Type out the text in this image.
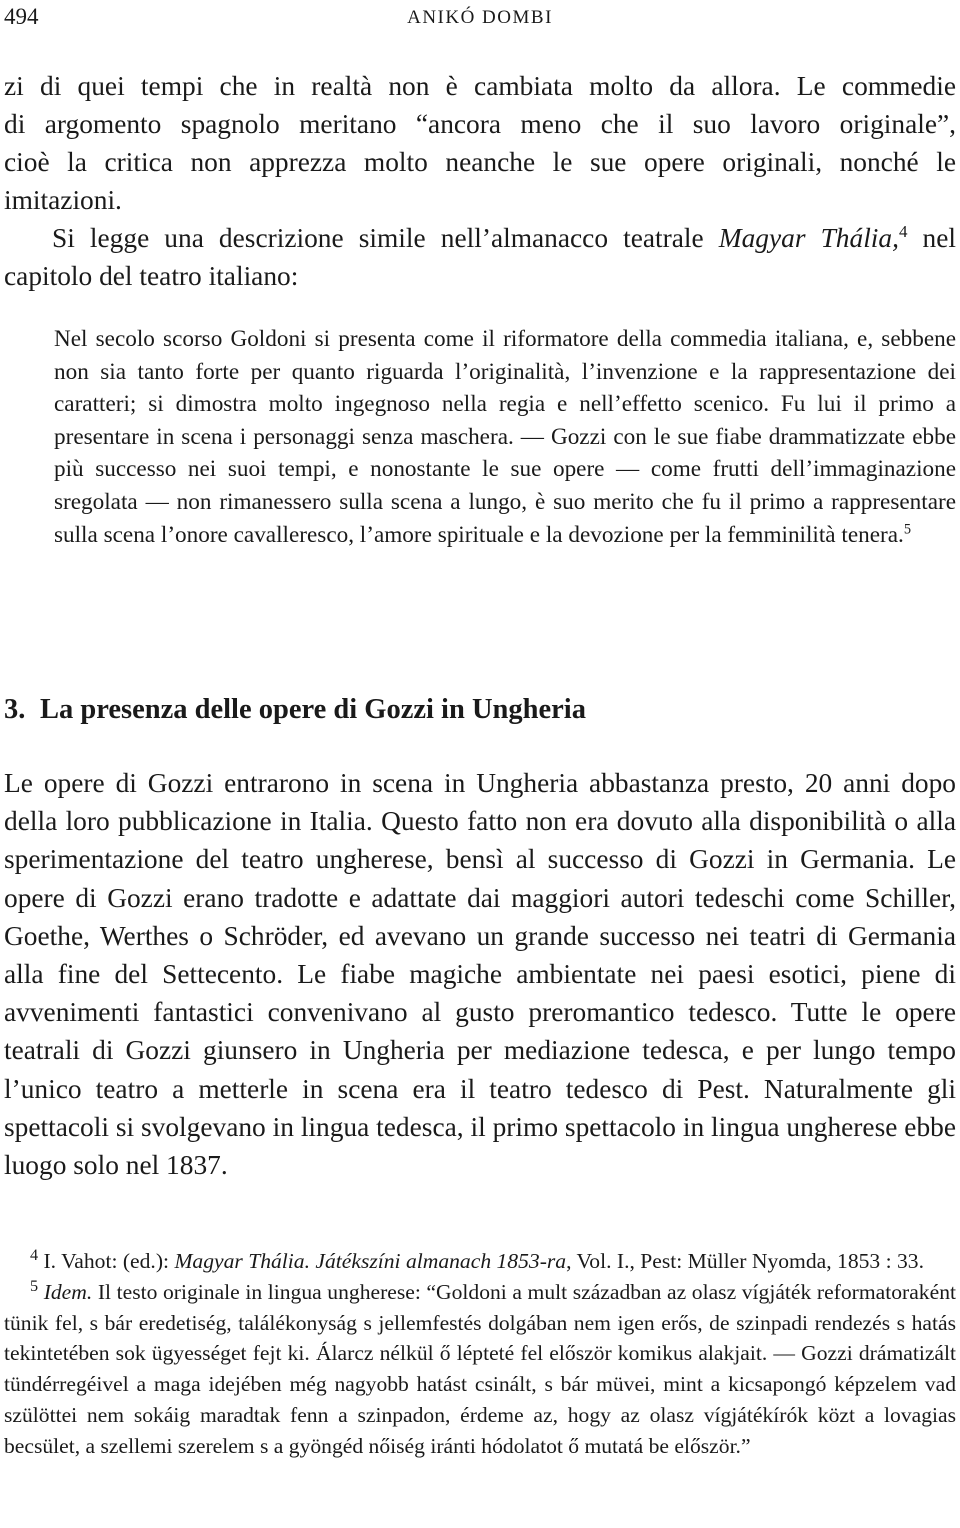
494	ANIKÓ DOMBI
zi di quei tempi che in realtà non è cambiata molto da allora. Le commedie
di argomento spagnolo meritano “ancora meno che il suo lavoro originale”,
cioè la critica non apprezza molto neanche le sue opere originali, nonché le
imitazioni.
Si legge una descrizione simile nell’almanacco teatrale Magyar Thália,$^4$ nel capitolo del teatro italiano:
Nel secolo scorso Goldoni si presenta come il riformatore della commedia italiana, e, sebbene non sia tanto forte per quanto riguarda l’originalità, l’invenzione e la rappresentazione dei caratteri; si dimostra molto ingegnoso nella regia e nell’effetto scenico. Fu lui il primo a presentare in scena i personaggi senza maschera. — Gozzi con le sue fiabe drammatizzate ebbe più successo nei suoi tempi, e nonostante le sue opere — come frutti dell’immaginazione sregolata — non rimanessero sulla scena a lungo, è suo merito che fu il primo a rappresentare sulla scena l’onore cavalleresco, l’amore spirituale e la devozione per la femminilità tenera.$^5$
3. La presenza delle opere di Gozzi in Ungheria
Le opere di Gozzi entrarono in scena in Ungheria abbastanza presto, 20 anni dopo della loro pubblicazione in Italia. Questo fatto non era dovuto alla disponibilità o alla sperimentazione del teatro ungherese, bensì al successo di Gozzi in Germania. Le opere di Gozzi erano tradotte e adattate dai maggiori autori tedeschi come Schiller, Goethe, Werthes o Schröder, ed avevano un grande successo nei teatri di Germania alla fine del Settecento. Le fiabe magiche ambientate nei paesi esotici, piene di avvenimenti fantastici convenivano al gusto preromantico tedesco. Tutte le opere teatrali di Gozzi giunsero in Ungheria per mediazione tedesca, e per lungo tempo l’unico teatro a metterle in scena era il teatro tedesco di Pest. Naturalmente gli spettacoli si svolgevano in lingua tedesca, il primo spettacolo in lingua ungherese ebbe luogo solo nel 1837.

$^4$ I. Vahot: (ed.): Magyar Thália. Játékszíni almanach 1853-ra, Vol. I., Pest: Müller Nyomda, 1853 : 33.

$^5$ Idem. Il testo originale in lingua ungherese: “Goldoni a mult században az olasz vígjáték reformatoraként tünik fel, s bár eredetiség, találékonyság s jellemfestés dolgában nem igen erős, de szinpadi rendezés s hatás tekintetében sok ügyességet fejt ki. Álarcz nélkül ő lépteté fel először komikus alakjait. — Gozzi drámatizált tündérregéivel a maga idejében még nagyobb hatást csinált, s bár müvei, mint a kicsapongó képzelem vad szülöttei nem sokáig maradtak fenn a szinpadon, érdeme az, hogy az olasz vígjátékírók közt a lovagias becsület, a szellemi szerelem s a gyöngéd nőiség iránti hódolatot ő mutatá be először.”
